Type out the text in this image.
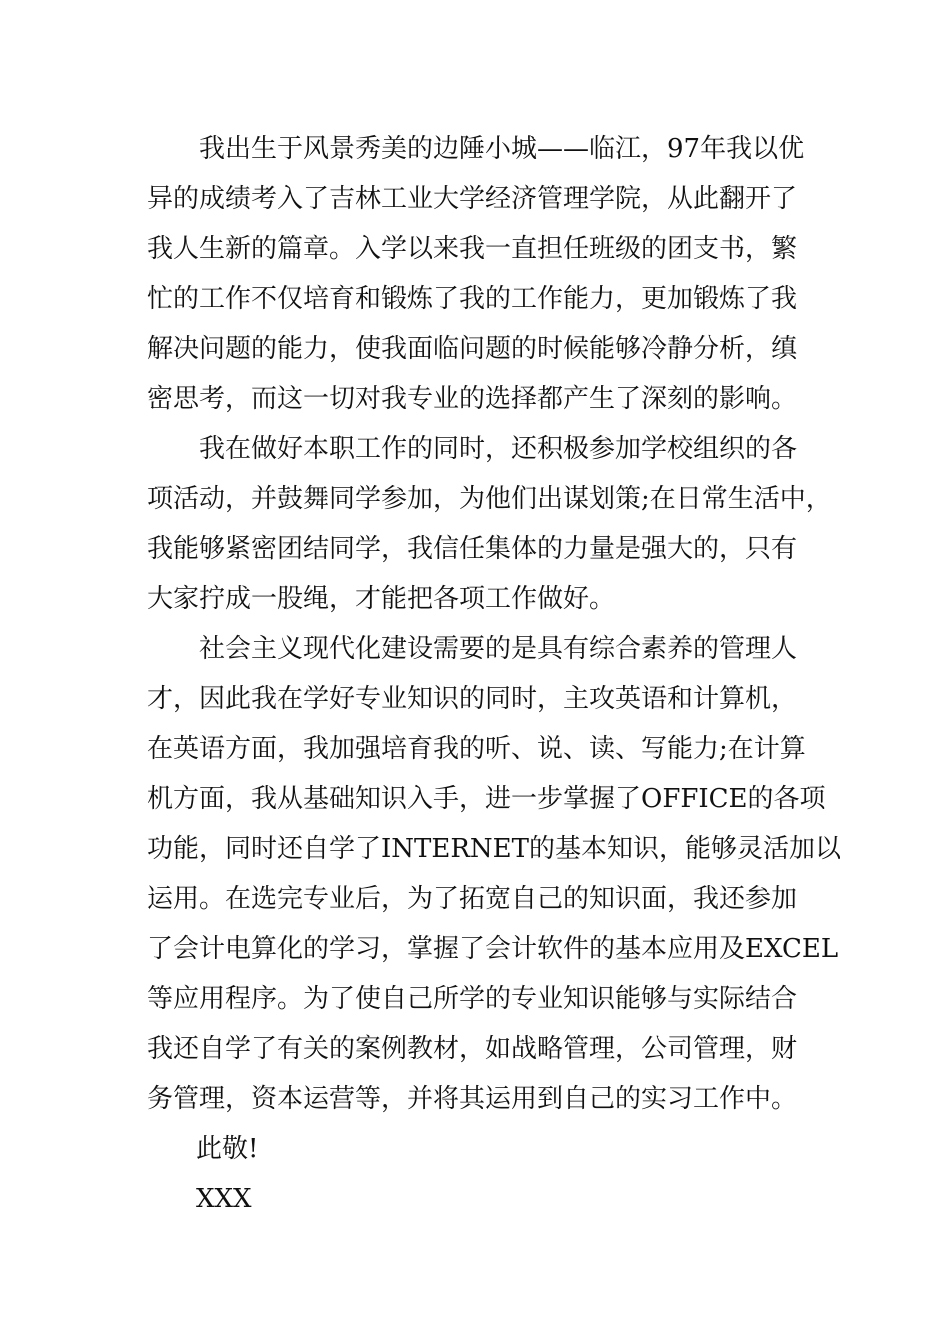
我出生于风景秀美的边陲小城——临江，97年我以优
异的成绩考入了吉林工业大学经济管理学院，从此翻开了
我人生新的篇章。入学以来我一直担任班级的团支书，繁
忙的工作不仅培育和锻炼了我的工作能力，更加锻炼了我
解决问题的能力，使我面临问题的时候能够冷静分析，缜
密思考，而这一切对我专业的选择都产生了深刻的影响。
我在做好本职工作的同时，还积极参加学校组织的各
项活动，并鼓舞同学参加，为他们出谋划策;在日常生活中，
我能够紧密团结同学，我信任集体的力量是强大的，只有
大家拧成一股绳，才能把各项工作做好。
社会主义现代化建设需要的是具有综合素养的管理人
才，因此我在学好专业知识的同时，主攻英语和计算机，
在英语方面，我加强培育我的听、说、读、写能力;在计算
机方面，我从基础知识入手，进一步掌握了OFFICE的各项
功能，同时还自学了INTERNET的基本知识，能够灵活加以
运用。在选完专业后，为了拓宽自己的知识面，我还参加
了会计电算化的学习，掌握了会计软件的基本应用及EXCEL
等应用程序。为了使自己所学的专业知识能够与实际结合
我还自学了有关的案例教材，如战略管理，公司管理，财
务管理，资本运营等，并将其运用到自己的实习工作中。
此敬!
XXX
